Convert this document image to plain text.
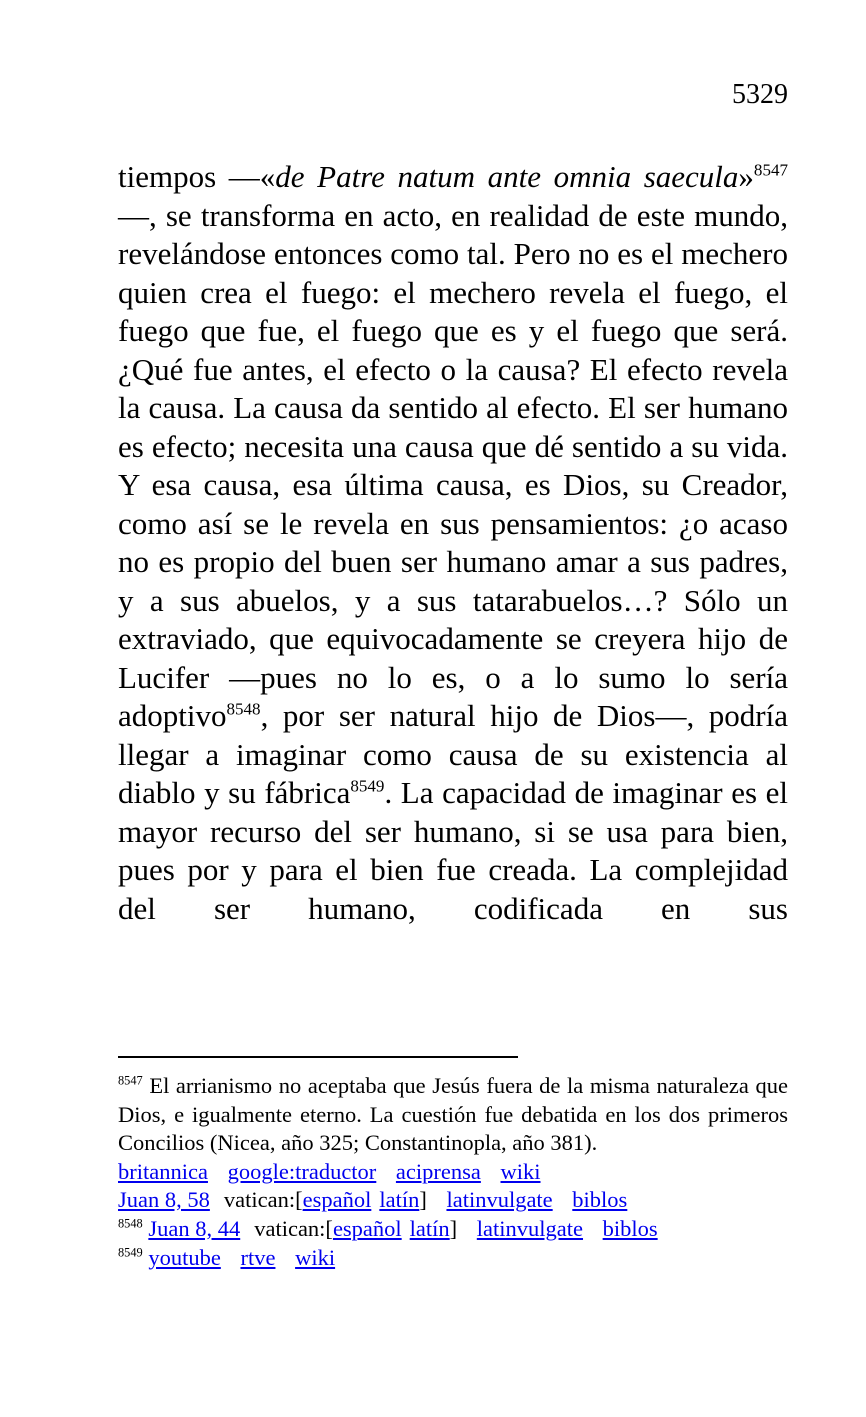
5329
tiempos —«de Patre natum ante omnia saecula»$^{8547}$—, se transforma en acto, en realidad de este mundo, revelándose entonces como tal. Pero no es el mechero quien crea el fuego: el mechero revela el fuego, el fuego que fue, el fuego que es y el fuego que será. ¿Qué fue antes, el efecto o la causa? El efecto revela la causa. La causa da sentido al efecto. El ser humano es efecto; necesita una causa que dé sentido a su vida. Y esa causa, esa última causa, es Dios, su Creador, como así se le revela en sus pensamientos: ¿o acaso no es propio del buen ser humano amar a sus padres, y a sus abuelos, y a sus tatarabuelos…? Sólo un extraviado, que equivocadamente se creyera hijo de Lucifer —pues no lo es, o a lo sumo lo sería adoptivo$^{8548}$, por ser natural hijo de Dios—, podría llegar a imaginar como causa de su existencia al diablo y su fábrica$^{8549}$. La capacidad de imaginar es el mayor recurso del ser humano, si se usa para bien, pues por y para el bien fue creada. La complejidad del ser humano, codificada en sus
$^{8547}$ El arrianismo no aceptaba que Jesús fuera de la misma naturaleza que Dios, e igualmente eterno. La cuestión fue debatida en los dos primeros Concilios (Nicea, año 325; Constantinopla, año 381).
britannica google:traductor aciprensa wiki
Juan 8, 58 vatican:[español latín] latinvulgate biblos
$^{8548}$ Juan 8, 44 vatican:[español latín] latinvulgate biblos
$^{8549}$ youtube rtve wiki
